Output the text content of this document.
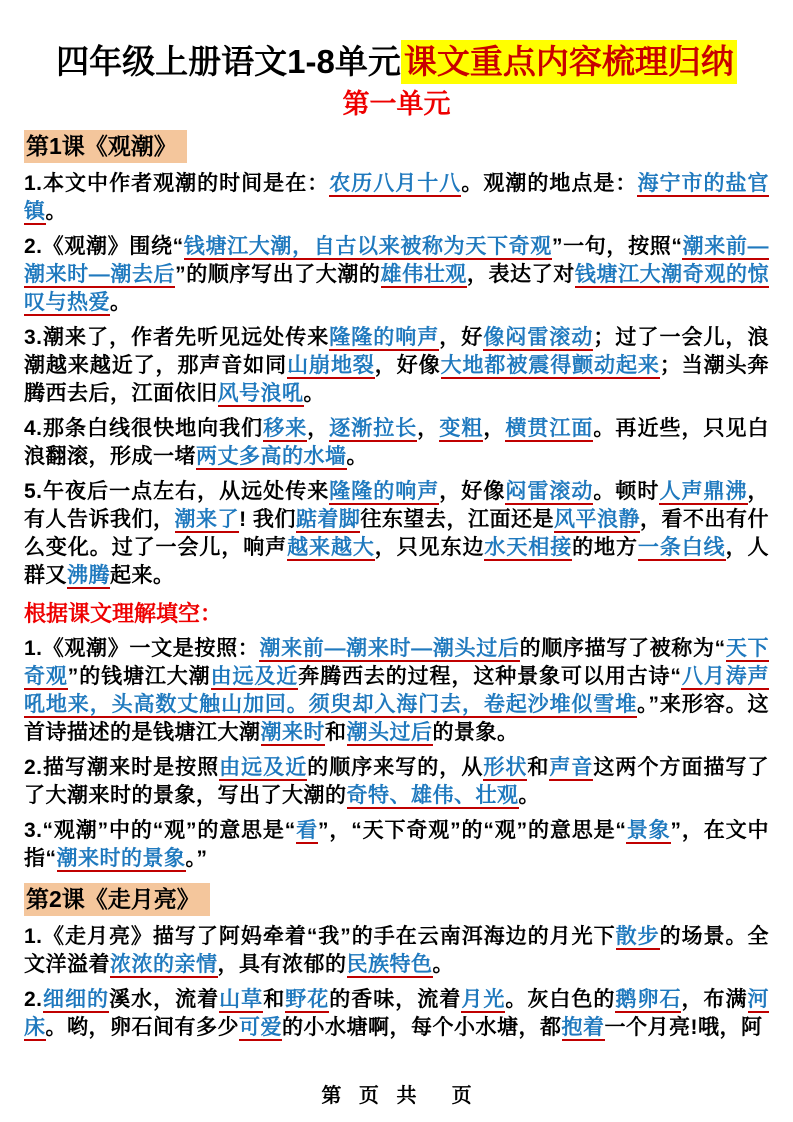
四年级上册语文1-8单元课文重点内容梳理归纳
第一单元
第1课《观潮》

1.本文中作者观潮的时间是在：农历八月十八。观潮的地点是：海宁市的盐官镇。

2.《观潮》围绕“钱塘江大潮，自古以来被称为天下奇观”一句，按照“潮来前—潮来时—潮去后”的顺序写出了大潮的雄伟壮观，表达了对钱塘江大潮奇观的惊叹与热爱。

3.潮来了，作者先听见远处传来隆隆的响声，好像闷雷滚动；过了一会儿，浪潮越来越近了，那声音如同山崩地裂，好像大地都被震得颤动起来；当潮头奔腾西去后，江面依旧风号浪吼。

4.那条白线很快地向我们移来，逐渐拉长，变粗，横贯江面。再近些，只见白浪翻滚，形成一堵两丈多高的水墙。

5.午夜后一点左右，从远处传来隆隆的响声，好像闷雷滚动。顿时人声鼎沸，有人告诉我们，潮来了! 我们踮着脚往东望去，江面还是风平浪静，看不出有什么变化。过了一会儿，响声越来越大，只见东边水天相接的地方一条白线，人群又沸腾起来。

根据课文理解填空：

1.《观潮》一文是按照：潮来前—潮来时—潮头过后的顺序描写了被称为“天下奇观”的钱塘江大潮由远及近奔腾西去的过程，这种景象可以用古诗“八月涛声吼地来，头高数丈触山加回。须臾却入海门去，卷起沙堆似雪堆。”来形容。这首诗描述的是钱塘江大潮潮来时和潮头过后的景象。

2.描写潮来时是按照由远及近的顺序来写的，从形状和声音这两个方面描写了了大潮来时的景象，写出了大潮的奇特、雄伟、壮观。

3.“观潮”中的“观”的意思是“看”，“天下奇观”的“观”的意思是“景象”，在文中指“潮来时的景象。”

第2课《走月亮》

1.《走月亮》描写了阿妈牵着“我”的手在云南洱海边的月光下散步的场景。全文洋溢着浓浓的亲情，具有浓郁的民族特色。

2.细细的溪水，流着山草和野花的香味，流着月光。灰白色的鹅卵石，布满河床。哟，卵石间有多少可爱的小水塘啊，每个小水塘，都抱着一个月亮!哦，阿

第 页 共  页
